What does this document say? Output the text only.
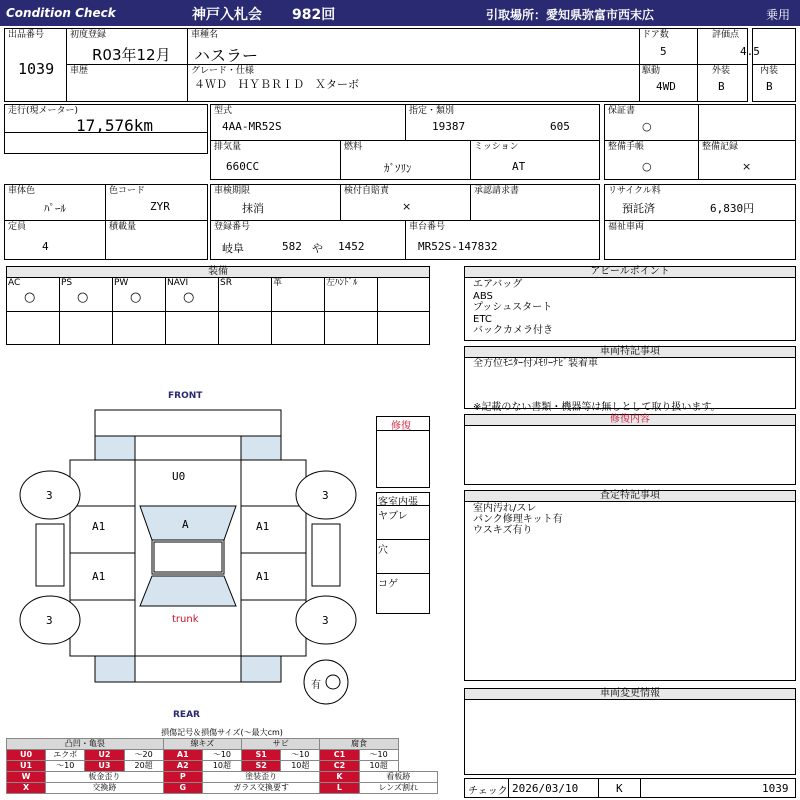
Condition Check	神戸入札会 982回	引取場所：愛知県弥富市西末広	乗用
出品番号
1039
初度登録
R03年12月
車歴
車種名
ハスラー
グレード・仕様
４ＷＤ　ＨＹＢＲＩＤ　Ｘターボ
ドア数
5
駆動
4WD
評価点
4.5
外装
B
内装
B
走行(現メーター)
17,576km
型式
4AA-MR52S
指定・類別
19387	605
排気量
660CC
燃料
ｶﾞｿﾘﾝ
ミッション
AT
保証書
○
整備手帳
○
整備記録
×
車体色
ﾊﾟｰﾙ
色コード
ZYR
定員
4
積載量
車検期限
抹消
検付自賠責
×
承認請求書
登録番号
岐阜	582 や 1452
車台番号
MR52S-147832
リサイクル料
預託済	6,830円
福祉車両
装備
AC
○
PS
○
PW
○
NAVI
○
SR	革	左ﾊﾝﾄﾞﾙ
アピールポイント
エアバッグ
ABS
プッシュスタート
ETC
バックカメラ付き
車両特記事項
全方位ﾓﾆﾀｰ付ﾒﾓﾘｰﾅﾋﾞ装着車
※記載のない書類・機器等は無しとして取り扱います。
修復内容
査定特記事項
室内汚れ/スレ
パンク修理キット有
ウスキズ有り
車両変更情報
チェック 2026/03/10	K	1039
FRONT
REAR
U0
A
A1
A1
A1
A1
trunk
3	3
3	3
有
修復
客室内張
ヤブレ
穴
コゲ
損傷記号＆損傷サイズ(～最大cm)
凸凹・亀裂				線キズ		サビ		腐食	
U0	エクボ	U2	～20	A1	～10	S1	～10	C1	～10
U1	～10	U3	20超	A2	10超	S2	10超	C2	10超
W	板金歪り			P	塗装歪り			K	看板跡
X	交換跡			G	ガラス交換要す			L	レンズ割れ
